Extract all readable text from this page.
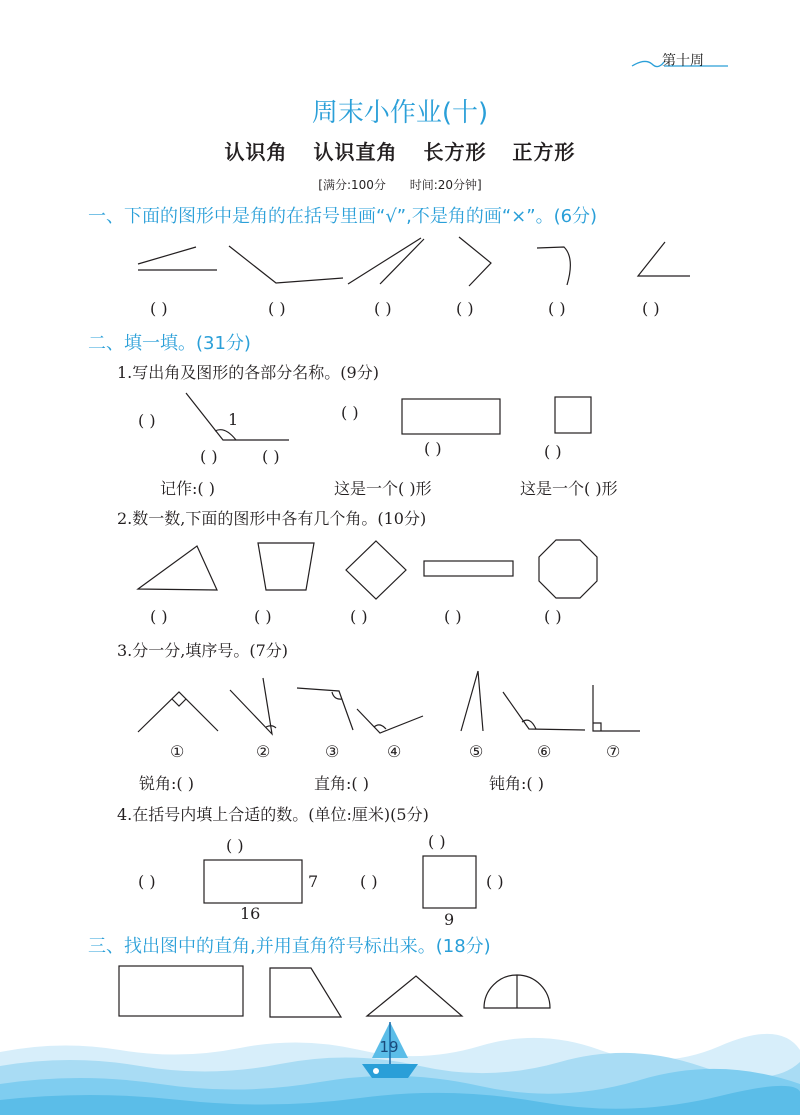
第十周
周末小作业(十)
认识角 认识直角 长方形 正方形
[满分:100分 时间:20分钟]
一、下面的图形中是角的在括号里画“√”,不是角的画“×”。(6分)
( )	( )	( )	( )	( )	( )
二、填一填。(31分)
1.写出角及图形的各部分名称。(9分)
1
( )
( )	( )
( )
( )	( )
记作:( )	这是一个( )形	这是一个( )形
2.数一数,下面的图形中各有几个角。(10分)
( )	( )	( )	( )	( )
3.分一分,填序号。(7分)
①	②	③	④	⑤	⑥	⑦
锐角:( )	直角:( )	钝角:( )
4.在括号内填上合适的数。(单位:厘米)(5分)
( )
( )	7
16
( )
( )	( )
9
三、找出图中的直角,并用直角符号标出来。(18分)
19
